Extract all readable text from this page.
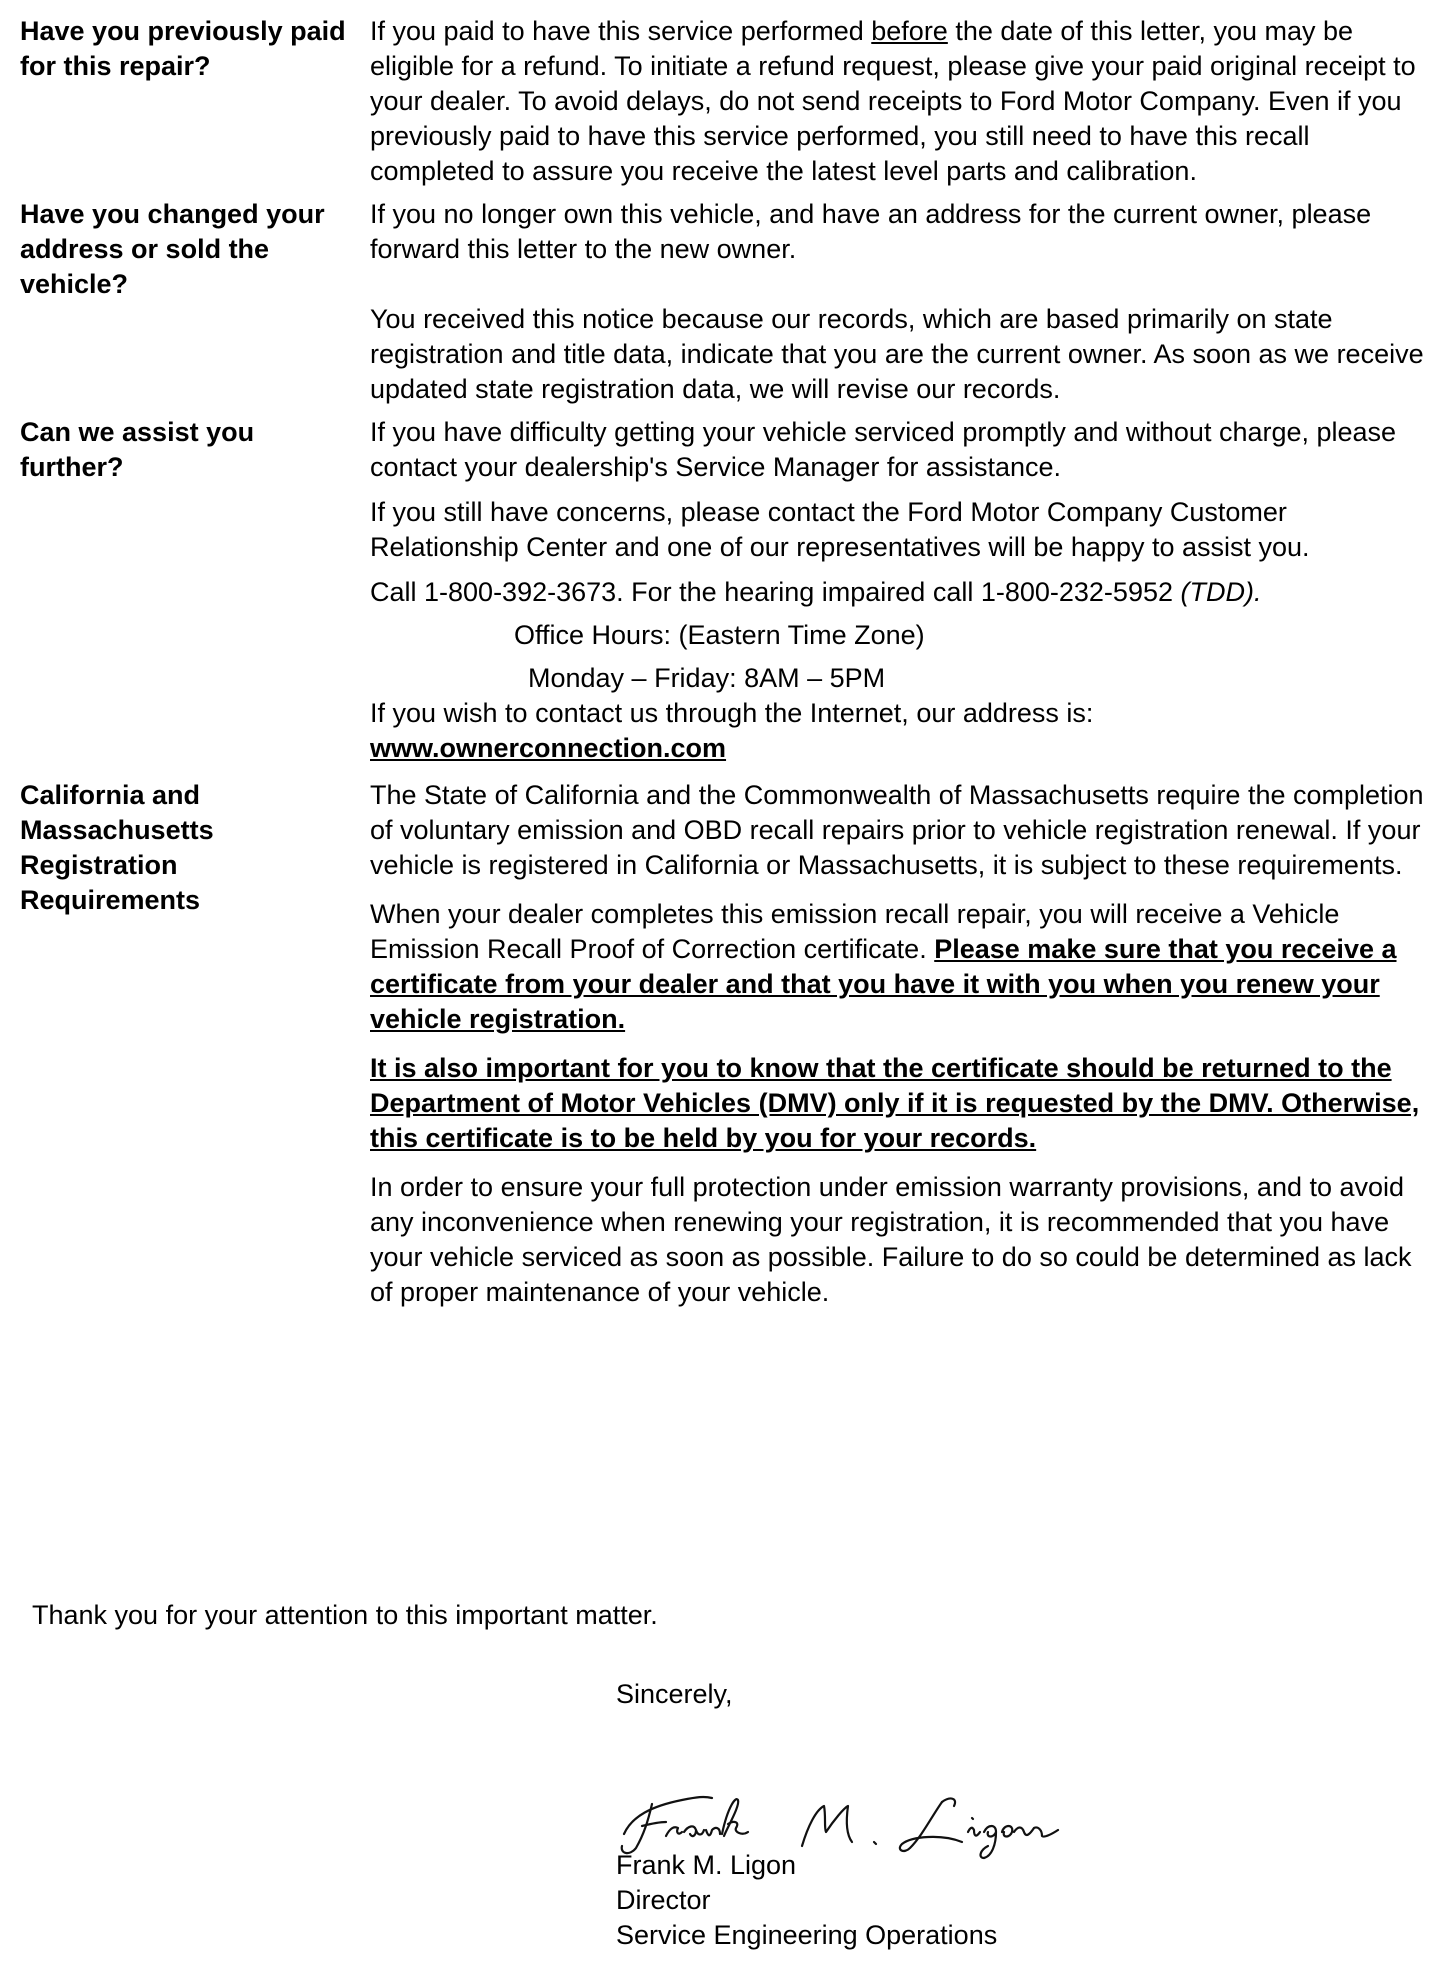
Have you previously paid for this repair?

If you paid to have this service performed before the date of this letter, you may be eligible for a refund. To initiate a refund request, please give your paid original receipt to your dealer. To avoid delays, do not send receipts to Ford Motor Company. Even if you previously paid to have this service performed, you still need to have this recall completed to assure you receive the latest level parts and calibration.

Have you changed your address or sold the vehicle?

If you no longer own this vehicle, and have an address for the current owner, please forward this letter to the new owner.

You received this notice because our records, which are based primarily on state registration and title data, indicate that you are the current owner. As soon as we receive updated state registration data, we will revise our records.

Can we assist you further?

If you have difficulty getting your vehicle serviced promptly and without charge, please contact your dealership's Service Manager for assistance.

If you still have concerns, please contact the Ford Motor Company Customer Relationship Center and one of our representatives will be happy to assist you.

Call 1-800-392-3673. For the hearing impaired call 1-800-232-5952 (TDD).

Office Hours: (Eastern Time Zone)

Monday – Friday: 8AM – 5PM

If you wish to contact us through the Internet, our address is:

www.ownerconnection.com

California and Massachusetts Registration Requirements

The State of California and the Commonwealth of Massachusetts require the completion of voluntary emission and OBD recall repairs prior to vehicle registration renewal. If your vehicle is registered in California or Massachusetts, it is subject to these requirements.

When your dealer completes this emission recall repair, you will receive a Vehicle Emission Recall Proof of Correction certificate. Please make sure that you receive a certificate from your dealer and that you have it with you when you renew your vehicle registration.

It is also important for you to know that the certificate should be returned to the Department of Motor Vehicles (DMV) only if it is requested by the DMV. Otherwise, this certificate is to be held by you for your records.

In order to ensure your full protection under emission warranty provisions, and to avoid any inconvenience when renewing your registration, it is recommended that you have your vehicle serviced as soon as possible. Failure to do so could be determined as lack of proper maintenance of your vehicle.

Thank you for your attention to this important matter.
Sincerely,
Frank M. Ligon
Director
Service Engineering Operations
